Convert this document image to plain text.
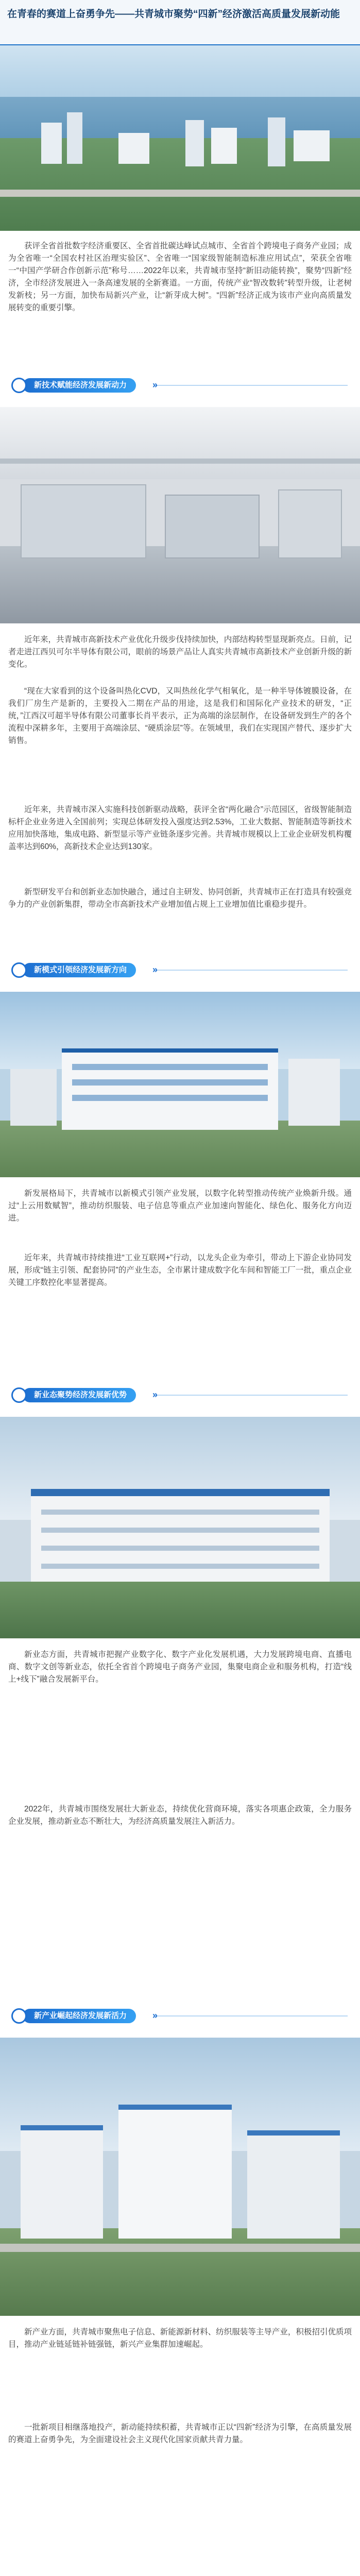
在青春的赛道上奋勇争先——共青城市聚势“四新”经济激活高质量发展新动能
获评全省首批数字经济重要区、全省首批碳达峰试点城市、全省首个跨境电子商务产业园；成为全省唯一“全国农村社区治理实验区”、全省唯一“国家级智能制造标准应用试点”，荣获全省唯一“中国产学研合作创新示范”称号……2022年以来，共青城市坚持“新旧动能转换”，聚势“四新”经济，全市经济发展进入一条高速发展的全新赛道。一方面，传统产业“智改数转”转型升级，让老树发新枝；另一方面，加快布局新兴产业，让“新芽成大树”。“四新”经济正成为该市产业向高质量发展转变的重要引擎。
新技术赋能经济发展新动力	»
近年来，共青城市高新技术产业优化升级步伐持续加快，内部结构转型显现新亮点。日前，记者走进江西贝可尔半导体有限公司，眼前的场景产品让人真实共青城市高新技术产业创新升级的新变化。
“现在大家看到的这个设备叫热化CVD，又叫热丝化学气相氧化，是一种半导体镀膜设备，在我们厂房生产是新的，主要投入二期在产品的用途，这是我们和国际化产业技术的研发，“正统，”江西汉可超半导体有限公司董事长肖平表示，正为高端的涂层制作，在设备研发到生产的各个流程中深耕多年，主要用于高端涂层、“硬质涂层”等。在领域里，我们在实现国产替代、逐步扩大销售。
近年来，共青城市深入实施科技创新驱动战略，获评全省“两化融合”示范园区，省级智能制造标杆企业业务进入全国前列；实现总体研发投入强度达到2.53%，工业大数据、智能制造等新技术应用加快落地，集成电路、新型显示等产业链条逐步完善。共青城市规模以上工业企业研发机构覆盖率达到60%，高新技术企业达到130家。
新型研发平台和创新业态加快融合，通过自主研发、协同创新，共青城市正在打造具有较强竞争力的产业创新集群，带动全市高新技术产业增加值占规上工业增加值比重稳步提升。
新模式引领经济发展新方向	»
新发展格局下，共青城市以新模式引领产业发展，以数字化转型推动传统产业焕新升级。通过“上云用数赋智”，推动纺织服装、电子信息等重点产业加速向智能化、绿色化、服务化方向迈进。
近年来，共青城市持续推进“工业互联网+”行动，以龙头企业为牵引，带动上下游企业协同发展，形成“链主引领、配套协同”的产业生态，全市累计建成数字化车间和智能工厂一批，重点企业关键工序数控化率显著提高。
新业态聚势经济发展新优势	»
新业态方面，共青城市把握产业数字化、数字产业化发展机遇，大力发展跨境电商、直播电商、数字文创等新业态，依托全省首个跨境电子商务产业园，集聚电商企业和服务机构，打造“线上+线下”融合发展新平台。
2022年，共青城市围绕发展壮大新业态，持续优化营商环境，落实各项惠企政策，全力服务企业发展，推动新业态不断壮大，为经济高质量发展注入新活力。
新产业崛起经济发展新活力	»
新产业方面，共青城市聚焦电子信息、新能源新材料、纺织服装等主导产业，积极招引优质项目，推动产业链延链补链强链，新兴产业集群加速崛起。
一批新项目相继落地投产，新动能持续积蓄，共青城市正以“四新”经济为引擎，在高质量发展的赛道上奋勇争先，为全面建设社会主义现代化国家贡献共青力量。
